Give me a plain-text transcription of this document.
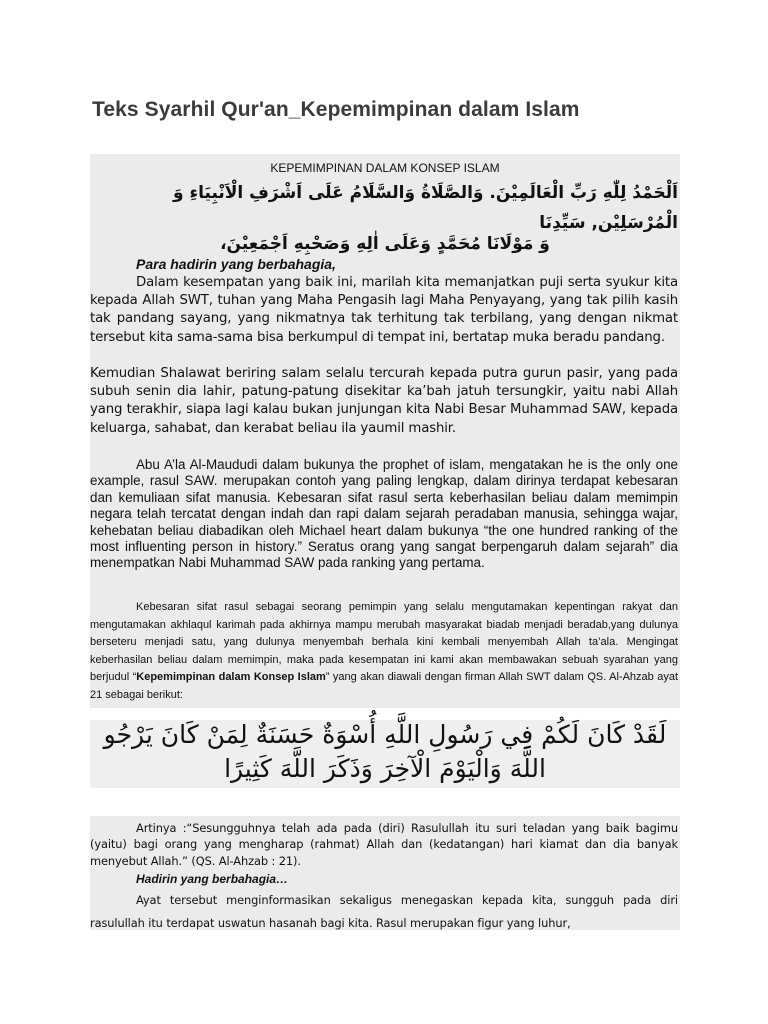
Teks Syarhil Qur'an_Kepemimpinan dalam Islam
KEPEMIMPINAN DALAM KONSEP ISLAM
اَلْحَمْدُ لِلّٰهِ رَبِّ الْعَالَمِيْنَ. وَالصَّلَاةُ وَالسَّلَامُ عَلَى اَشْرَفِ الْاَنْبِيَاءِ وَ الْمُرْسَلِيْن, سَيِّدِنَا
وَ مَوْلَانَا مُحَمَّدٍ وَعَلَى اٰلِهِ وَصَحْبِهِ اَجْمَعِيْنَ،
Para hadirin yang berbahagia,

Dalam kesempatan yang baik ini, marilah kita memanjatkan puji serta syukur kita kepada Allah SWT, tuhan yang Maha Pengasih lagi Maha Penyayang, yang tak pilih kasih tak pandang sayang, yang nikmatnya tak terhitung tak terbilang, yang dengan nikmat tersebut kita sama-sama bisa berkumpul di tempat ini, bertatap muka beradu pandang.

Kemudian Shalawat beriring salam selalu tercurah kepada putra gurun pasir, yang pada subuh senin dia lahir, patung-patung disekitar ka’bah jatuh tersungkir, yaitu nabi Allah yang terakhir, siapa lagi kalau bukan junjungan kita Nabi Besar Muhammad SAW, kepada keluarga, sahabat, dan kerabat beliau ila yaumil mashir.

Abu A’la Al-Maududi dalam bukunya the prophet of islam, mengatakan he is the only one example, rasul SAW. merupakan contoh yang paling lengkap, dalam dirinya terdapat kebesaran dan kemuliaan sifat manusia. Kebesaran sifat rasul serta keberhasilan beliau dalam memimpin negara telah tercatat dengan indah dan rapi dalam sejarah peradaban manusia, sehingga wajar, kehebatan beliau diabadikan oleh Michael heart dalam bukunya “the one hundred ranking of the most influenting person in history.” Seratus orang yang sangat berpengaruh dalam sejarah” dia menempatkan Nabi Muhammad SAW pada ranking yang pertama.

Kebesaran sifat rasul sebagai seorang pemimpin yang selalu mengutamakan kepentingan rakyat dan mengutamakan akhlaqul karimah pada akhirnya mampu merubah masyarakat biadab menjadi beradab,yang dulunya berseteru menjadi satu, yang dulunya menyembah berhala kini kembali menyembah Allah ta’ala. Mengingat keberhasilan beliau dalam memimpin, maka pada kesempatan ini kami akan membawakan sebuah syarahan yang berjudul “Kepemimpinan dalam Konsep Islam” yang akan diawali dengan firman Allah SWT dalam QS. Al-Ahzab ayat 21 sebagai berikut:

لَقَدْ كَانَ لَكُمْ فِي رَسُولِ اللَّهِ أُسْوَةٌ حَسَنَةٌ لِمَنْ كَانَ يَرْجُو اللَّهَ وَالْيَوْمَ الْآخِرَ وَذَكَرَ اللَّهَ كَثِيرًا

Artinya :“Sesungguhnya telah ada pada (diri) Rasulullah itu suri teladan yang baik bagimu (yaitu) bagi orang yang mengharap (rahmat) Allah dan (kedatangan) hari kiamat dan dia banyak menyebut Allah.” (QS. Al-Ahzab : 21).

Hadirin yang berbahagia…

Ayat tersebut menginformasikan sekaligus menegaskan kepada kita, sungguh pada diri rasulullah itu terdapat uswatun hasanah bagi kita. Rasul merupakan figur yang luhur,
